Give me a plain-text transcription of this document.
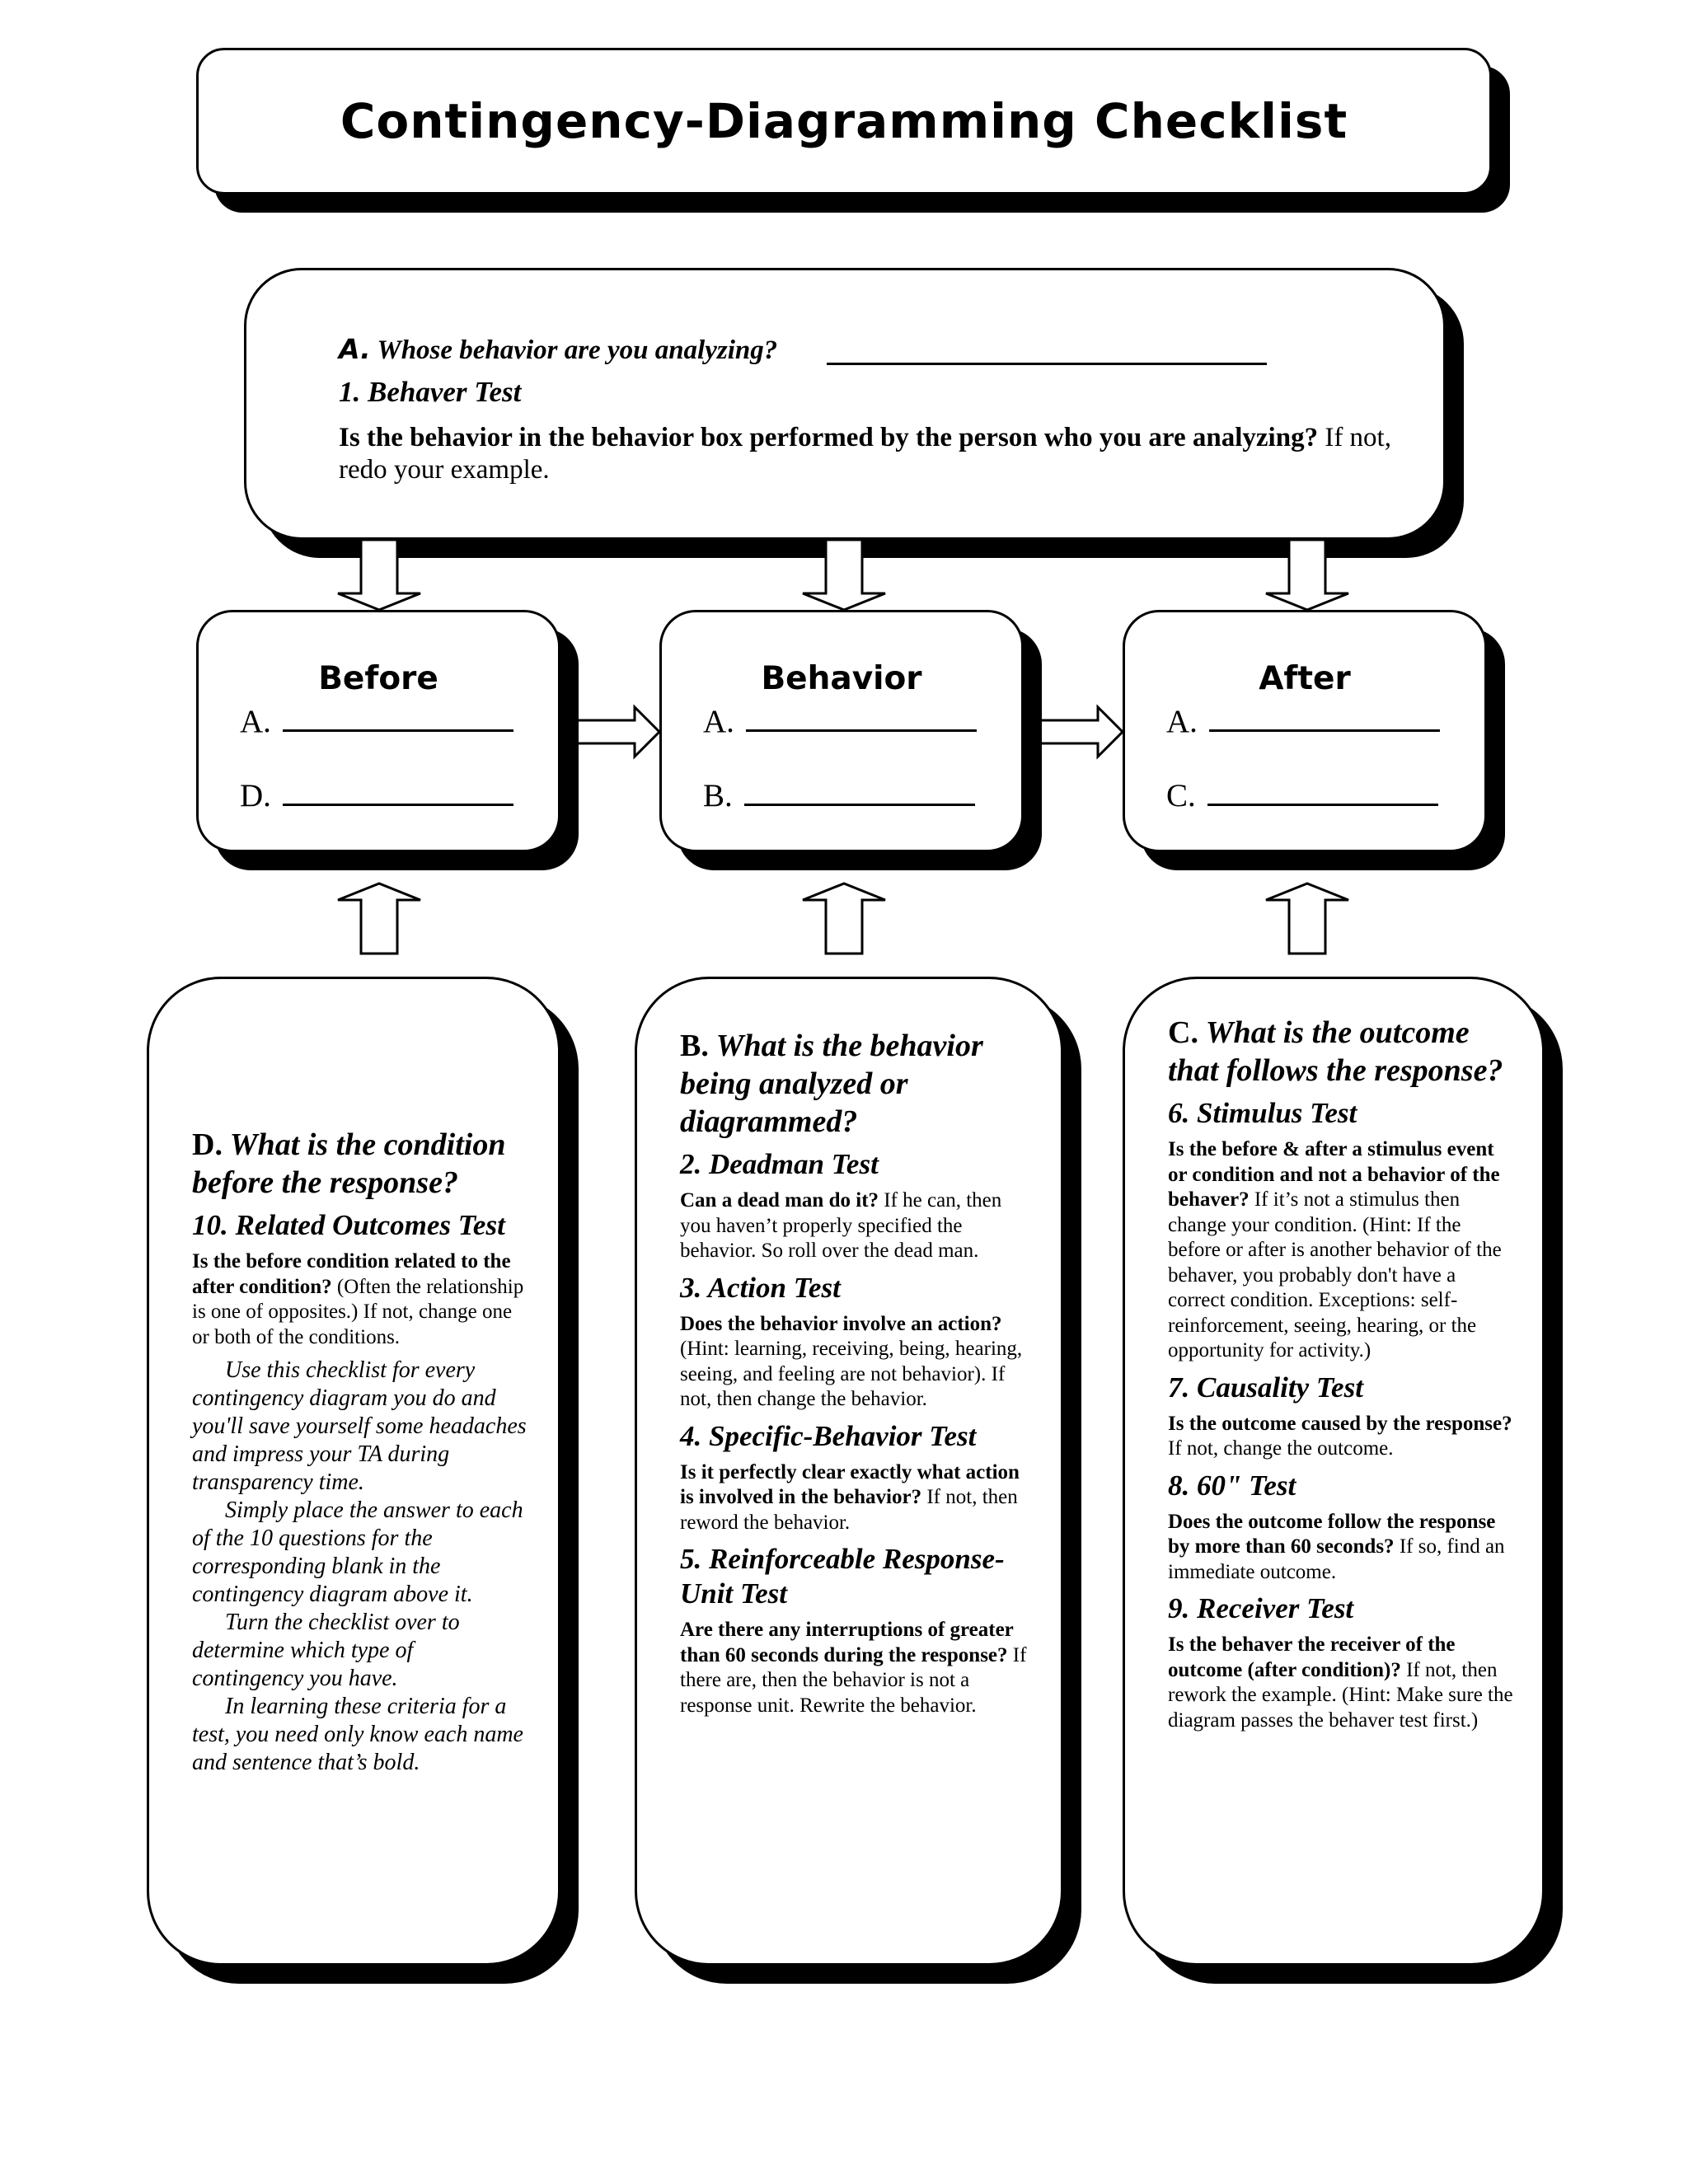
Contingency-Diagramming Checklist
A. Whose behavior are you analyzing?
1. Behaver Test
Is the behavior in the behavior box performed by the person who you are analyzing? If not, redo your example.
Before
A.
D.
Behavior
A.
B.
After
A.
C.

D. What is the condition before the response?

10. Related Outcomes Test

Is the before condition related to the after condition? (Often the relationship is one of opposites.) If not, change one or both of the conditions.

Use this checklist for every contingency diagram you do and you'll save yourself some headaches and impress your TA during transparency time.

Simply place the answer to each of the 10 questions for the corresponding blank in the contingency diagram above it.

Turn the checklist over to determine which type of contingency you have.

In learning these criteria for a test, you need only know each name and sentence that’s bold.

B. What is the behavior being analyzed or diagrammed?

2. Deadman Test

Can a dead man do it? If he can, then you haven’t properly specified the behavior. So roll over the dead man.

3. Action Test

Does the behavior involve an action? (Hint: learning, receiving, being, hearing, seeing, and feeling are not behavior). If not, then change the behavior.

4. Specific-Behavior Test

Is it perfectly clear exactly what action is involved in the behavior? If not, then reword the behavior.

5. Reinforceable Response-Unit Test

Are there any interruptions of greater than 60 seconds during the response? If there are, then the behavior is not a response unit. Rewrite the behavior.

C. What is the outcome that follows the response?

6. Stimulus Test

Is the before & after a stimulus event or condition and not a behavior of the behaver? If it’s not a stimulus then change your condition. (Hint: If the before or after is another behavior of the behaver, you probably don't have a correct condition. Exceptions: self-reinforcement, seeing, hearing, or the opportunity for activity.)

7. Causality Test

Is the outcome caused by the response? If not, change the outcome.

8. 60" Test

Does the outcome follow the response by more than 60 seconds? If so, find an immediate outcome.

9. Receiver Test

Is the behaver the receiver of the outcome (after condition)? If not, then rework the example. (Hint: Make sure the diagram passes the behaver test first.)
